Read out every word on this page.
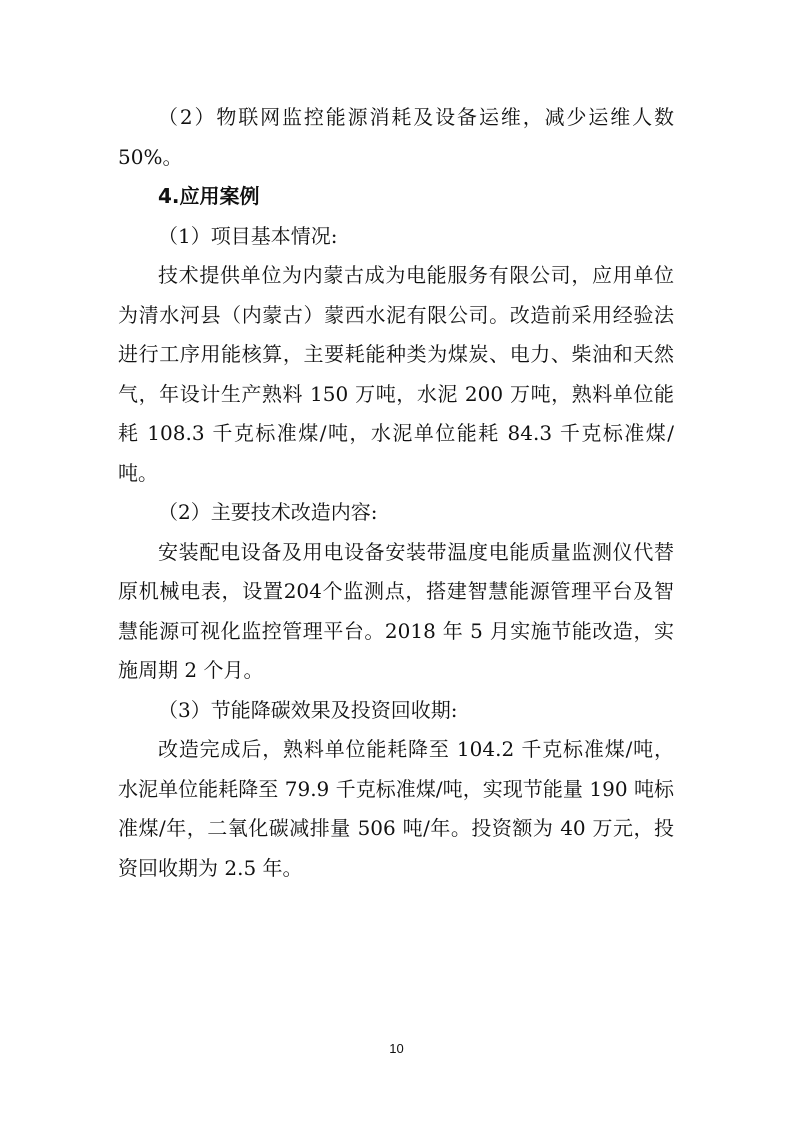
（2）物联网监控能源消耗及设备运维，减少运维人数50%。

4.应用案例

（1）项目基本情况:

技术提供单位为内蒙古成为电能服务有限公司，应用单位为清水河县（内蒙古）蒙西水泥有限公司。改造前采用经验法进行工序用能核算，主要耗能种类为煤炭、电力、柴油和天然气，年设计生产熟料 150 万吨，水泥 200 万吨，熟料单位能耗 108.3 千克标准煤/吨，水泥单位能耗 84.3 千克标准煤/吨。

（2）主要技术改造内容:

安装配电设备及用电设备安装带温度电能质量监测仪代替原机械电表，设置204个监测点，搭建智慧能源管理平台及智慧能源可视化监控管理平台。2018 年 5 月实施节能改造，实施周期 2 个月。

（3）节能降碳效果及投资回收期:

改造完成后，熟料单位能耗降至 104.2 千克标准煤/吨，水泥单位能耗降至 79.9 千克标准煤/吨，实现节能量 190 吨标准煤/年，二氧化碳减排量 506 吨/年。投资额为 40 万元，投资回收期为 2.5 年。

10
